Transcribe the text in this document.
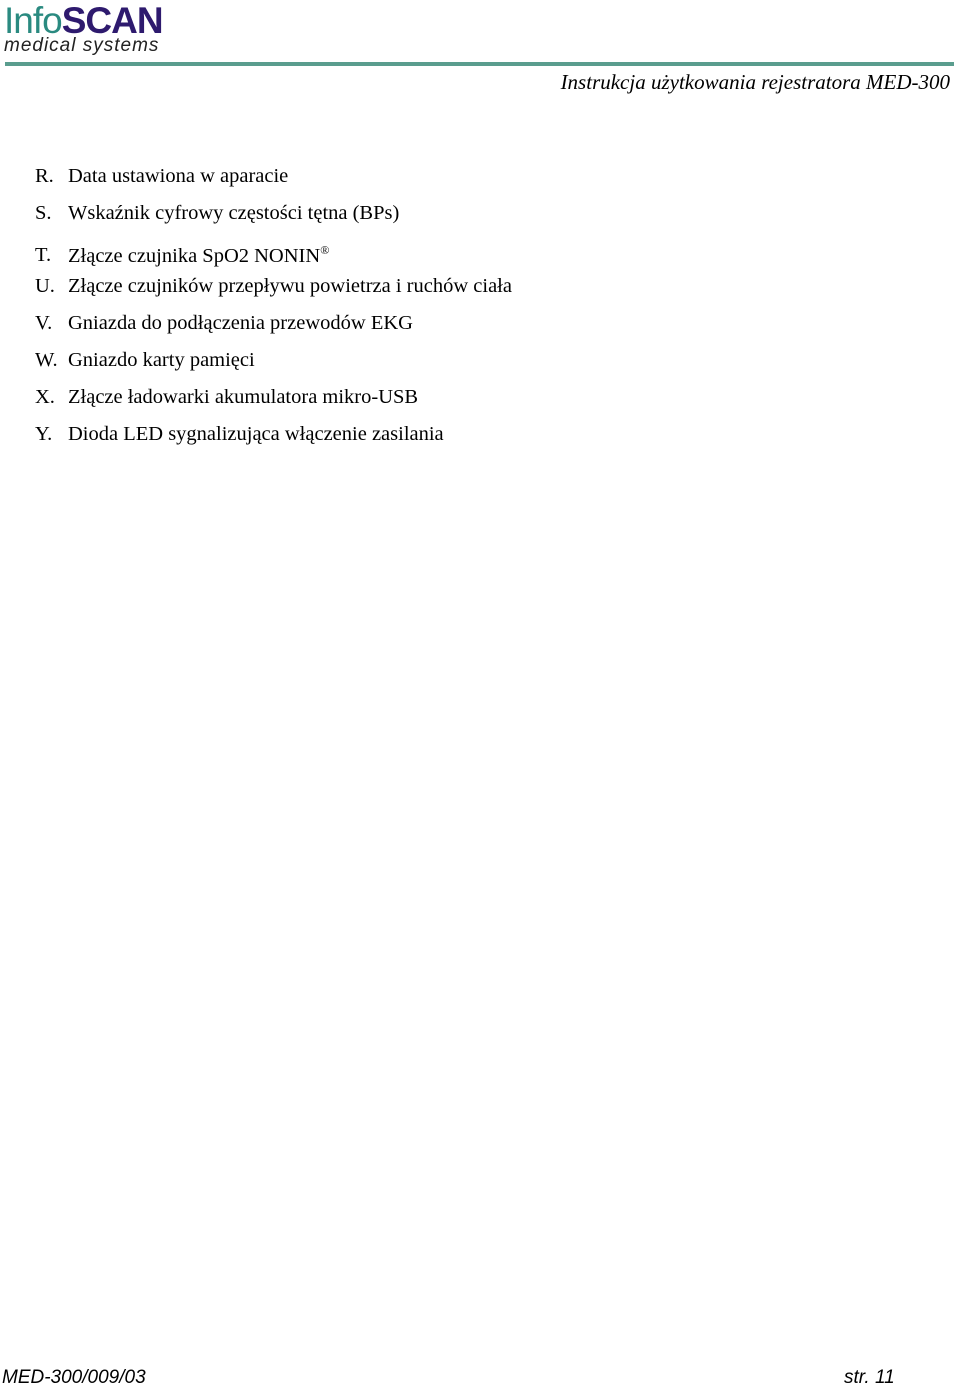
InfoSCAN
medical systems
Instrukcja użytkowania rejestratora MED-300
R. Data ustawiona w aparacie
S. Wskaźnik cyfrowy częstości tętna (BPs)
T. Złącze czujnika SpO2 NONIN®
U. Złącze czujników przepływu powietrza i ruchów ciała
V. Gniazda do podłączenia przewodów EKG
W. Gniazdo karty pamięci
X. Złącze ładowarki akumulatora mikro-USB
Y. Dioda LED sygnalizująca włączenie zasilania
MED-300/009/03	str. 11
